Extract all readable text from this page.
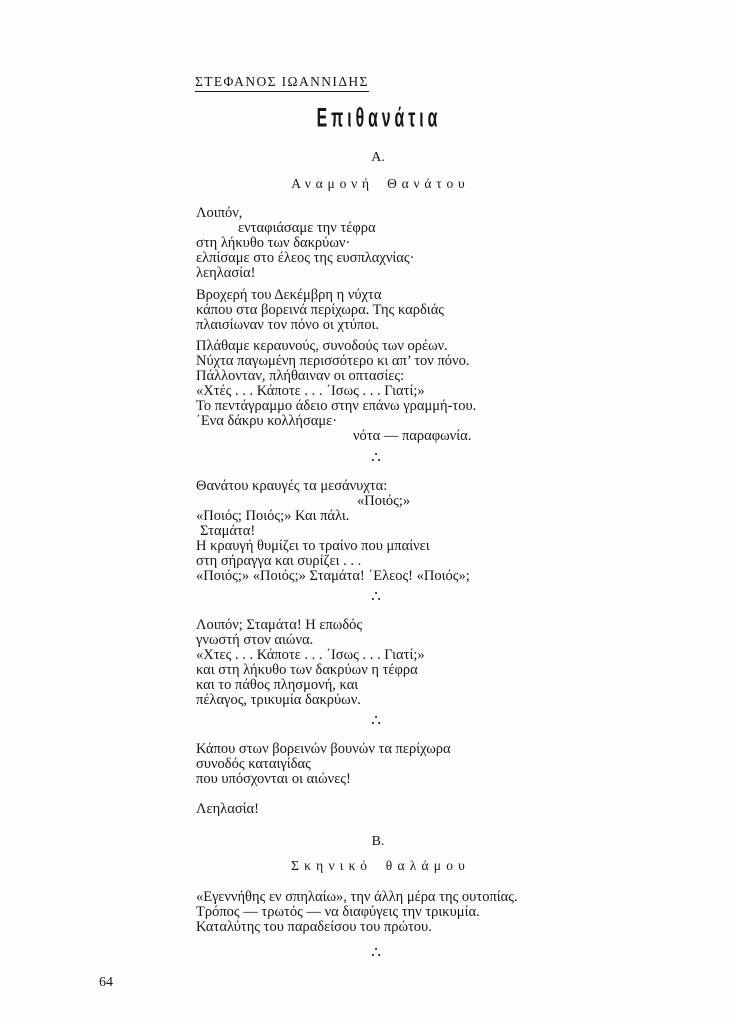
ΣΤΕΦΑΝΟΣ ΙΩΑΝΝΙΔΗΣ
Επιθανάτια
Α.
Αναμονή Θανάτου
Λοιπόν,
ενταφιάσαμε την τέφρα
στη λήκυθο των δακρύων·
ελπίσαμε στο έλεος της ευσπλαχνίας·
λεηλασία!
Βροχερή του Δεκέμβρη η νύχτα
κάπου στα βορεινά περίχωρα. Της καρδιάς
πλαισίωναν τον πόνο οι χτύποι.
Πλάθαμε κεραυνούς, συνοδούς των ορέων.
Νύχτα παγωμένη περισσότερο κι απ’ τον πόνο.
Πάλλονταν, πλήθαιναν οι οπτασίες:
«Χτές . . . Κάποτε . . . ΄Ισως . . . Γιατί;»
Το πεντάγραμμο άδειο στην επάνω γραμμή-του.
΄Ενα δάκρυ κολλήσαμε·
νότα — παραφωνία.
∴
Θανάτου κραυγές τα μεσάνυχτα:
«Ποιός;»
«Ποιός; Ποιός;» Και πάλι.
Σταμάτα!
Η κραυγή θυμίζει το τραίνο που μπαίνει
στη σήραγγα και συρίζει . . .
«Ποιός;» «Ποιός;» Σταμάτα! ΄Ελεος! «Ποιός»;
∴
Λοιπόν; Σταμάτα! Η επωδός
γνωστή στον αιώνα.
«Χτες . . . Κάποτε . . . ΄Ισως . . . Γιατί;»
και στη λήκυθο των δακρύων η τέφρα
και το πάθος πλησμονή, και
πέλαγος, τρικυμία δακρύων.
∴
Κάπου στων βορεινών βουνών τα περίχωρα
συνοδός καταιγίδας
που υπόσχονται οι αιώνες!
Λεηλασία!
Β.
Σκηνικό θαλάμου
«Εγεννήθης εν σπηλαίω», την άλλη μέρα της ουτοπίας.
Τρόπος — τρωτός — να διαφύγεις την τρικυμία.
Καταλύτης του παραδείσου του πρώτου.
∴
64
